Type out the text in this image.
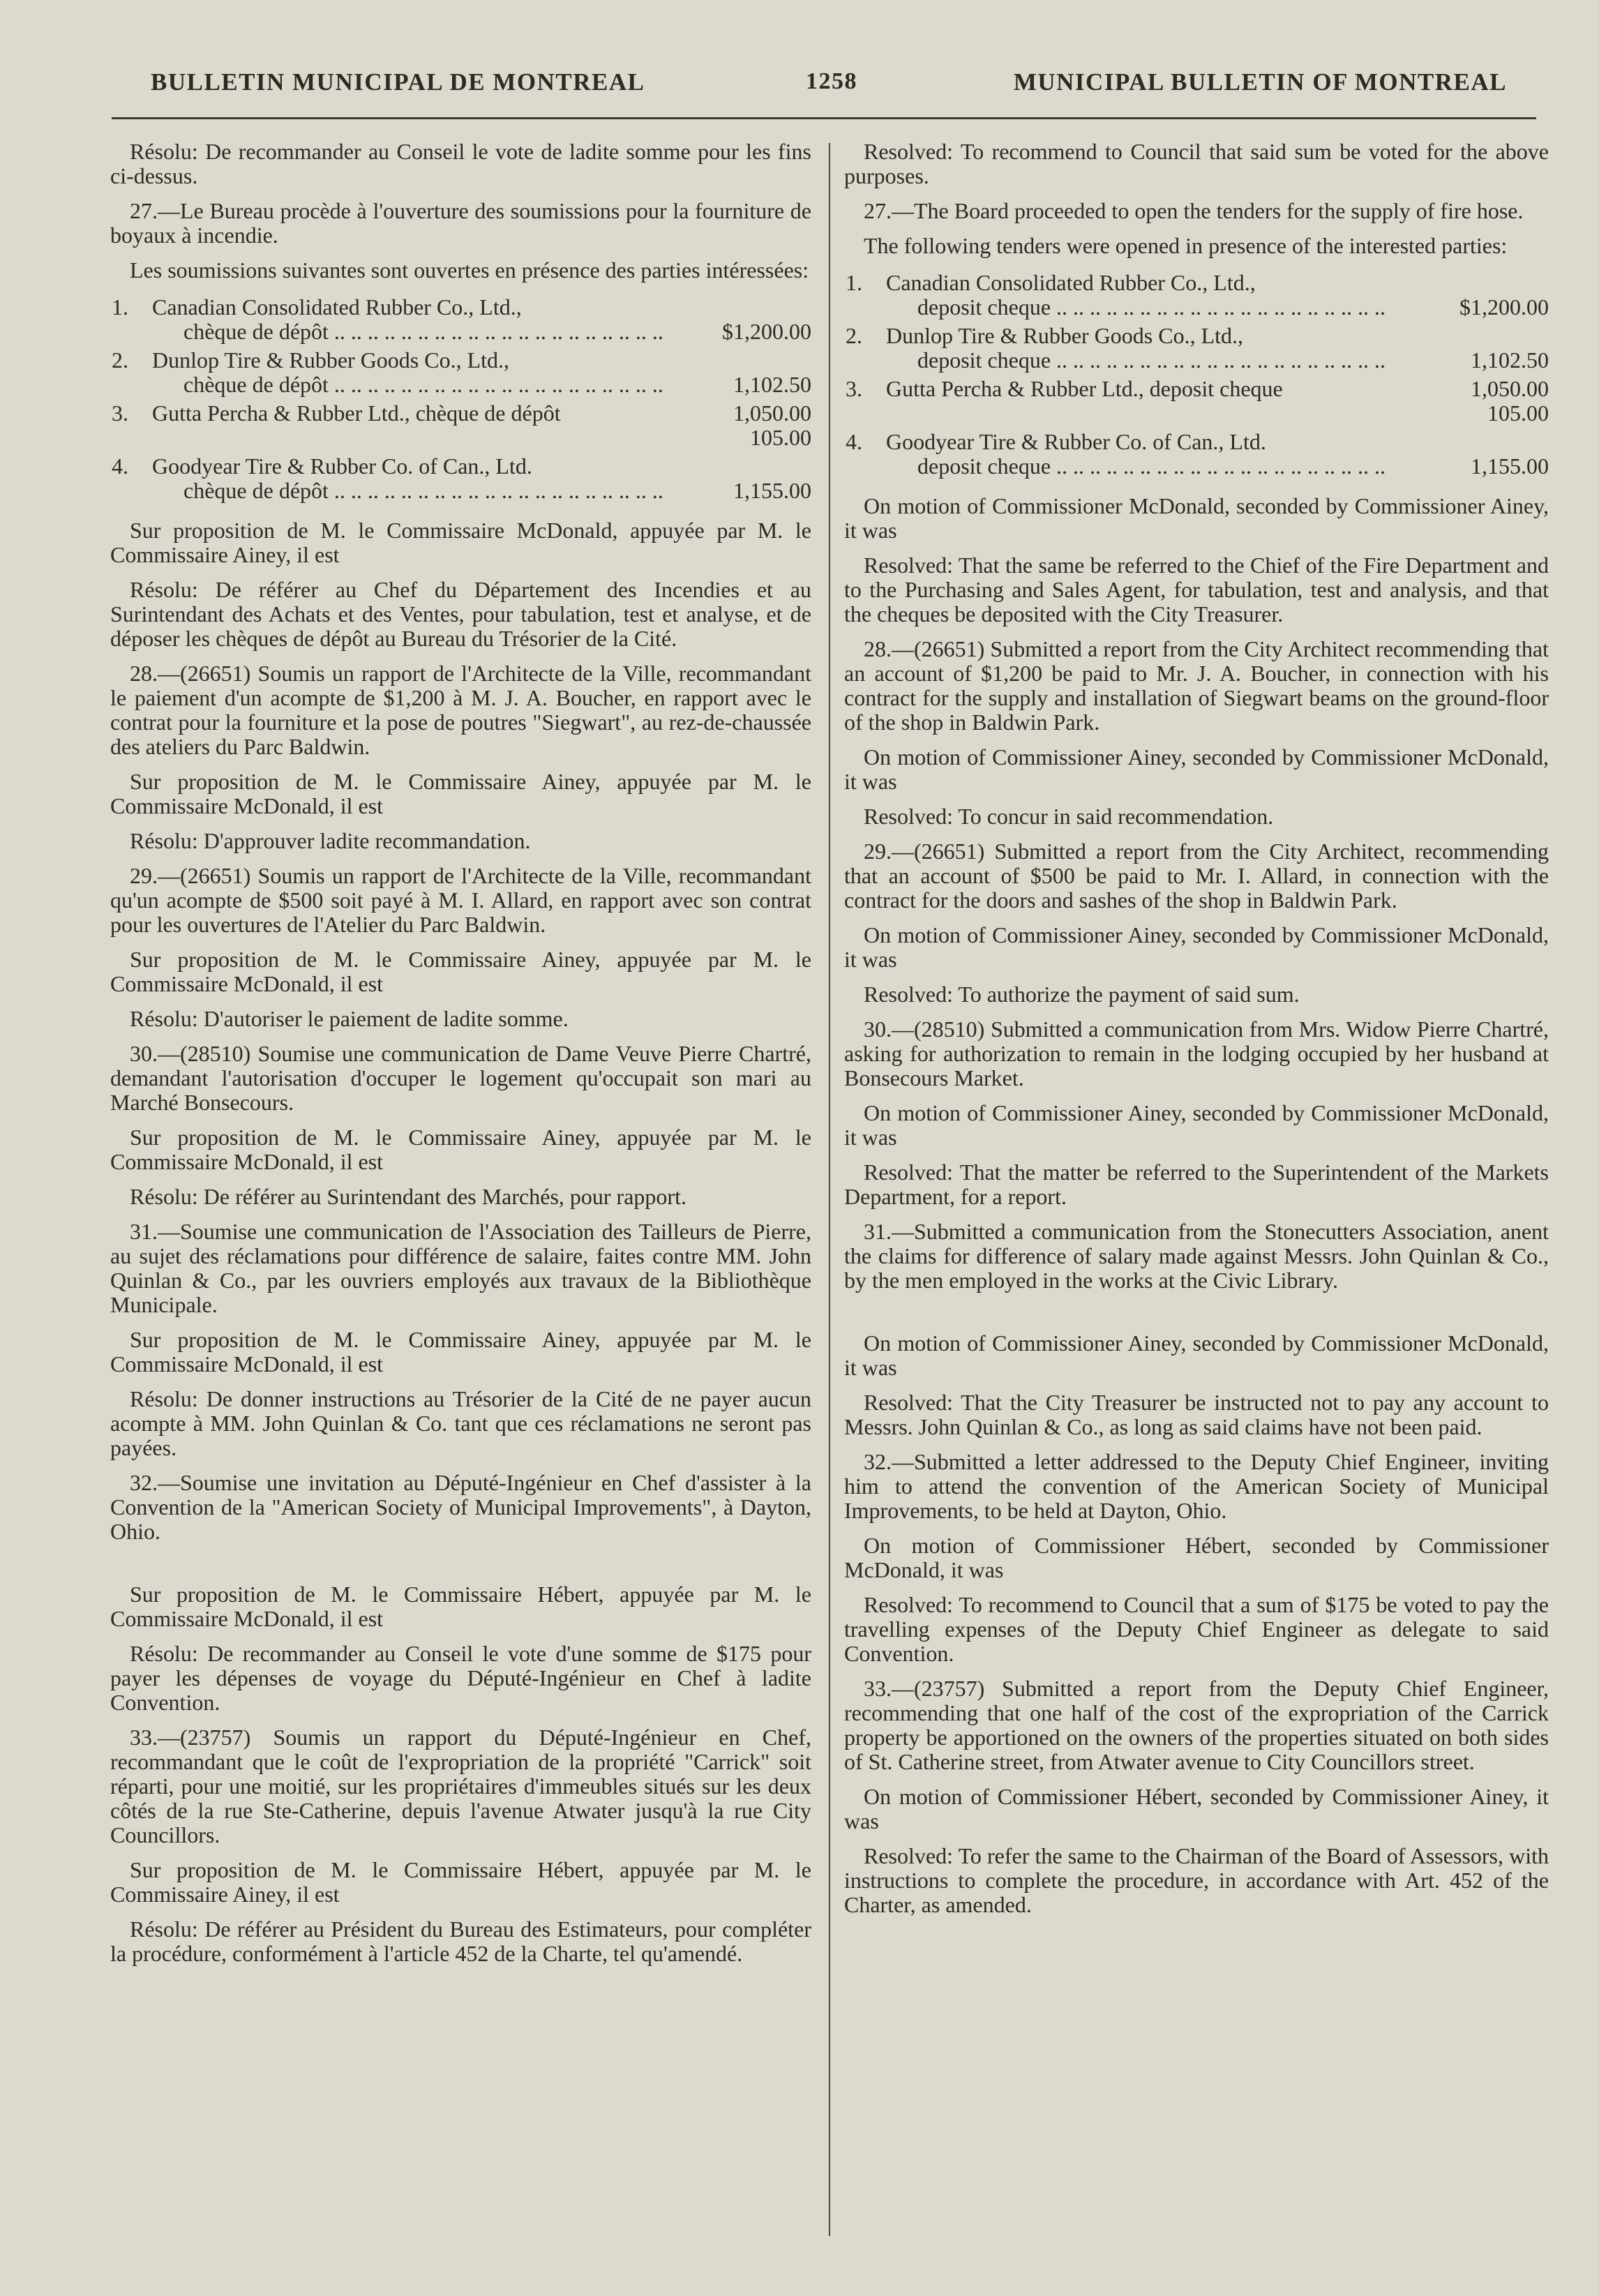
BULLETIN MUNICIPAL DE MONTREAL	1258	MUNICIPAL BULLETIN OF MONTREAL

Résolu: De recommander au Conseil le vote de ladite somme pour les fins ci-dessus.

27.—Le Bureau procède à l'ouverture des soumissions pour la fourniture de boyaux à incendie.

Les soumissions suivantes sont ouvertes en présence des parties intéressées:

1.	Canadian Consolidated Rubber Co., Ltd.,
chèque de dépôt .. ..	$1,200.00
2.	Dunlop Tire & Rubber Goods Co., Ltd.,
chèque de dépôt .. ..	1,102.50
3.	Gutta Percha & Rubber Ltd., chèque de dépôt	1,050.00
105.00
4.	Goodyear Tire & Rubber Co. of Can., Ltd.
chèque de dépôt .. ..	1,155.00

Sur proposition de M. le Commissaire McDonald, appuyée par M. le Commissaire Ainey, il est

Résolu: De référer au Chef du Département des Incendies et au Surintendant des Achats et des Ventes, pour tabulation, test et analyse, et de déposer les chèques de dépôt au Bureau du Trésorier de la Cité.

28.—(26651) Soumis un rapport de l'Architecte de la Ville, recommandant le paiement d'un acompte de $1,200 à M. J. A. Boucher, en rapport avec le contrat pour la fourniture et la pose de poutres "Siegwart", au rez-de-chaussée des ateliers du Parc Baldwin.

Sur proposition de M. le Commissaire Ainey, appuyée par M. le Commissaire McDonald, il est

Résolu: D'approuver ladite recommandation.

29.—(26651) Soumis un rapport de l'Architecte de la Ville, recommandant qu'un acompte de $500 soit payé à M. I. Allard, en rapport avec son contrat pour les ouvertures de l'Atelier du Parc Baldwin.

Sur proposition de M. le Commissaire Ainey, appuyée par M. le Commissaire McDonald, il est

Résolu: D'autoriser le paiement de ladite somme.

30.—(28510) Soumise une communication de Dame Veuve Pierre Chartré, demandant l'autorisation d'occuper le logement qu'occupait son mari au Marché Bonsecours.

Sur proposition de M. le Commissaire Ainey, appuyée par M. le Commissaire McDonald, il est

Résolu: De référer au Surintendant des Marchés, pour rapport.

31.—Soumise une communication de l'Association des Tailleurs de Pierre, au sujet des réclamations pour différence de salaire, faites contre MM. John Quinlan & Co., par les ouvriers employés aux travaux de la Bibliothèque Municipale.

Sur proposition de M. le Commissaire Ainey, appuyée par M. le Commissaire McDonald, il est

Résolu: De donner instructions au Trésorier de la Cité de ne payer aucun acompte à MM. John Quinlan & Co. tant que ces réclamations ne seront pas payées.

32.—Soumise une invitation au Député-Ingénieur en Chef d'assister à la Convention de la "American Society of Municipal Improvements", à Dayton, Ohio.

Sur proposition de M. le Commissaire Hébert, appuyée par M. le Commissaire McDonald, il est

Résolu: De recommander au Conseil le vote d'une somme de $175 pour payer les dépenses de voyage du Député-Ingénieur en Chef à ladite Convention.

33.—(23757) Soumis un rapport du Député-Ingénieur en Chef, recommandant que le coût de l'expropriation de la propriété "Carrick" soit réparti, pour une moitié, sur les propriétaires d'immeubles situés sur les deux côtés de la rue Ste-Catherine, depuis l'avenue Atwater jusqu'à la rue City Councillors.

Sur proposition de M. le Commissaire Hébert, appuyée par M. le Commissaire Ainey, il est

Résolu: De référer au Président du Bureau des Estimateurs, pour compléter la procédure, conformément à l'article 452 de la Charte, tel qu'amendé.

Resolved: To recommend to Council that said sum be voted for the above purposes.

27.—The Board proceeded to open the tenders for the supply of fire hose.

The following tenders were opened in presence of the interested parties:

1.	Canadian Consolidated Rubber Co., Ltd.,
deposit cheque .. ..	$1,200.00
2.	Dunlop Tire & Rubber Goods Co., Ltd.,
deposit cheque .. ..	1,102.50
3.	Gutta Percha & Rubber Ltd., deposit cheque	1,050.00
105.00
4.	Goodyear Tire & Rubber Co. of Can., Ltd.
deposit cheque .. ..	1,155.00

On motion of Commissioner McDonald, seconded by Commissioner Ainey, it was

Resolved: That the same be referred to the Chief of the Fire Department and to the Purchasing and Sales Agent, for tabulation, test and analysis, and that the cheques be deposited with the City Treasurer.

28.—(26651) Submitted a report from the City Architect recommending that an account of $1,200 be paid to Mr. J. A. Boucher, in connection with his contract for the supply and installation of Siegwart beams on the ground-floor of the shop in Baldwin Park.

On motion of Commissioner Ainey, seconded by Commissioner McDonald, it was

Resolved: To concur in said recommendation.

29.—(26651) Submitted a report from the City Architect, recommending that an account of $500 be paid to Mr. I. Allard, in connection with the contract for the doors and sashes of the shop in Baldwin Park.

On motion of Commissioner Ainey, seconded by Commissioner McDonald, it was

Resolved: To authorize the payment of said sum.

30.—(28510) Submitted a communication from Mrs. Widow Pierre Chartré, asking for authorization to remain in the lodging occupied by her husband at Bonsecours Market.

On motion of Commissioner Ainey, seconded by Commissioner McDonald, it was

Resolved: That the matter be referred to the Superintendent of the Markets Department, for a report.

31.—Submitted a communication from the Stonecutters Association, anent the claims for difference of salary made against Messrs. John Quinlan & Co., by the men employed in the works at the Civic Library.

On motion of Commissioner Ainey, seconded by Commissioner McDonald, it was

Resolved: That the City Treasurer be instructed not to pay any account to Messrs. John Quinlan & Co., as long as said claims have not been paid.

32.—Submitted a letter addressed to the Deputy Chief Engineer, inviting him to attend the convention of the American Society of Municipal Improvements, to be held at Dayton, Ohio.

On motion of Commissioner Hébert, seconded by Commissioner McDonald, it was

Resolved: To recommend to Council that a sum of $175 be voted to pay the travelling expenses of the Deputy Chief Engineer as delegate to said Convention.

33.—(23757) Submitted a report from the Deputy Chief Engineer, recommending that one half of the cost of the expropriation of the Carrick property be apportioned on the owners of the properties situated on both sides of St. Catherine street, from Atwater avenue to City Councillors street.

On motion of Commissioner Hébert, seconded by Commissioner Ainey, it was

Resolved: To refer the same to the Chairman of the Board of Assessors, with instructions to complete the procedure, in accordance with Art. 452 of the Charter, as amended.
